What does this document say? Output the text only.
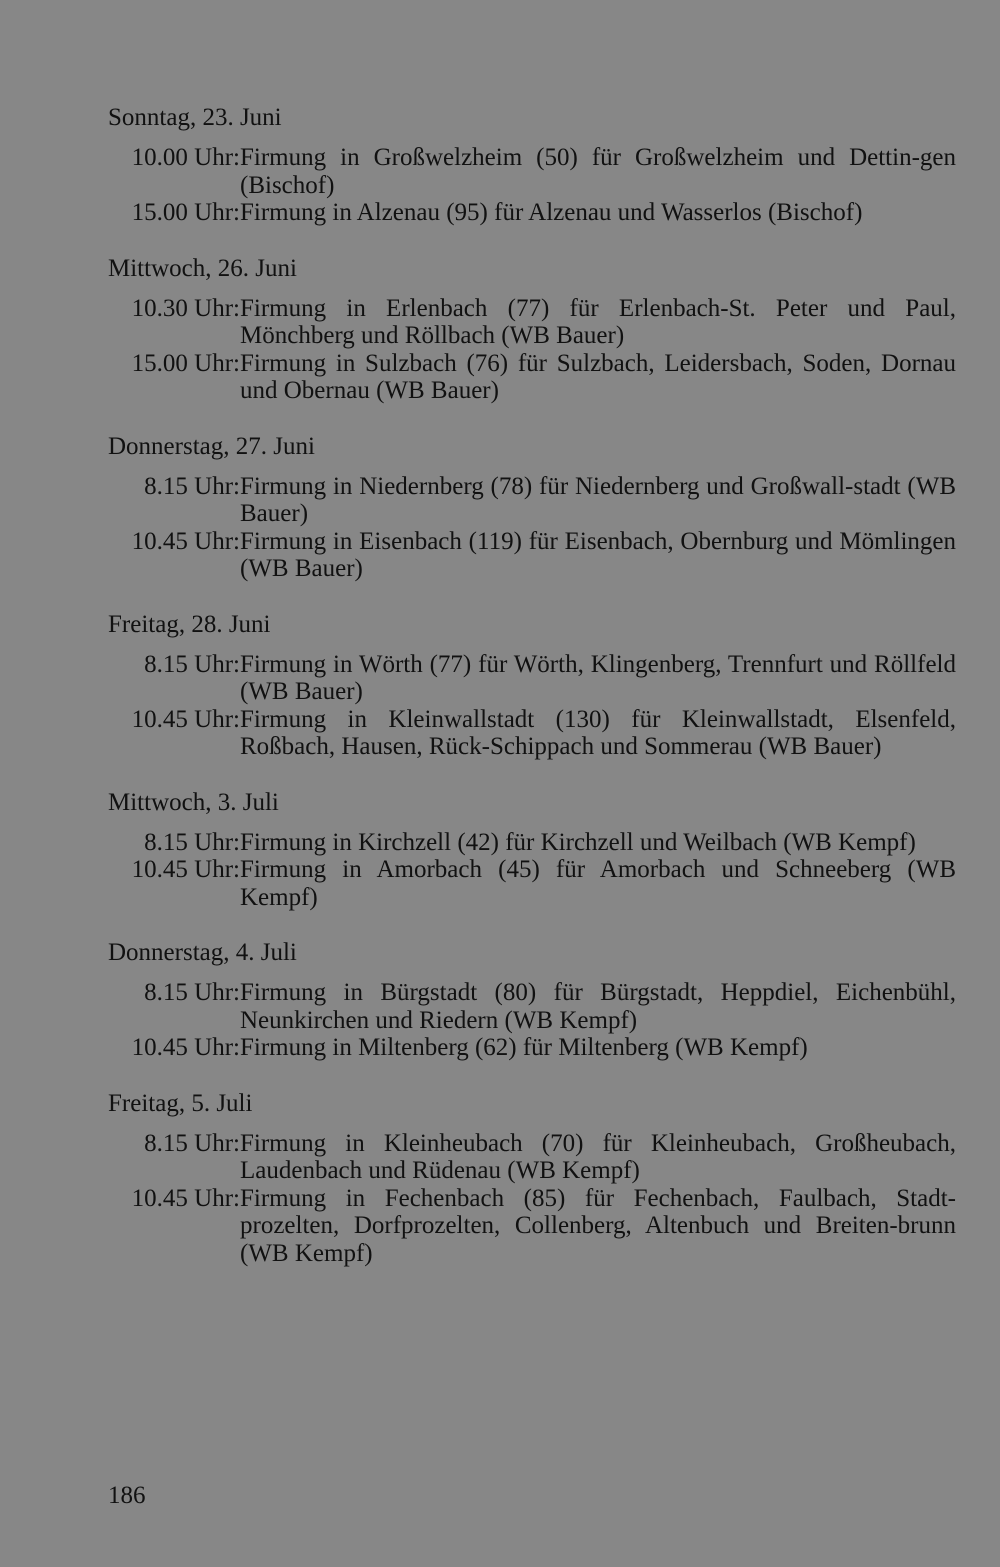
Sonntag, 23. Juni
10.00 Uhr: Firmung in Großwelzheim (50) für Großwelzheim und Dettin-gen (Bischof)
15.00 Uhr: Firmung in Alzenau (95) für Alzenau und Wasserlos (Bischof)
Mittwoch, 26. Juni
10.30 Uhr: Firmung in Erlenbach (77) für Erlenbach-St. Peter und Paul, Mönchberg und Röllbach (WB Bauer)
15.00 Uhr: Firmung in Sulzbach (76) für Sulzbach, Leidersbach, Soden, Dornau und Obernau (WB Bauer)
Donnerstag, 27. Juni
8.15 Uhr: Firmung in Niedernberg (78) für Niedernberg und Großwall-stadt (WB Bauer)
10.45 Uhr: Firmung in Eisenbach (119) für Eisenbach, Obernburg und Mömlingen (WB Bauer)
Freitag, 28. Juni
8.15 Uhr: Firmung in Wörth (77) für Wörth, Klingenberg, Trennfurt und Röllfeld (WB Bauer)
10.45 Uhr: Firmung in Kleinwallstadt (130) für Kleinwallstadt, Elsenfeld, Roßbach, Hausen, Rück-Schippach und Sommerau (WB Bauer)
Mittwoch, 3. Juli
8.15 Uhr: Firmung in Kirchzell (42) für Kirchzell und Weilbach (WB Kempf)
10.45 Uhr: Firmung in Amorbach (45) für Amorbach und Schneeberg (WB Kempf)
Donnerstag, 4. Juli
8.15 Uhr: Firmung in Bürgstadt (80) für Bürgstadt, Heppdiel, Eichenbühl, Neunkirchen und Riedern (WB Kempf)
10.45 Uhr: Firmung in Miltenberg (62) für Miltenberg (WB Kempf)
Freitag, 5. Juli
8.15 Uhr: Firmung in Kleinheubach (70) für Kleinheubach, Großheubach, Laudenbach und Rüdenau (WB Kempf)
10.45 Uhr: Firmung in Fechenbach (85) für Fechenbach, Faulbach, Stadt-prozelten, Dorfprozelten, Collenberg, Altenbuch und Breiten-brunn (WB Kempf)
186
